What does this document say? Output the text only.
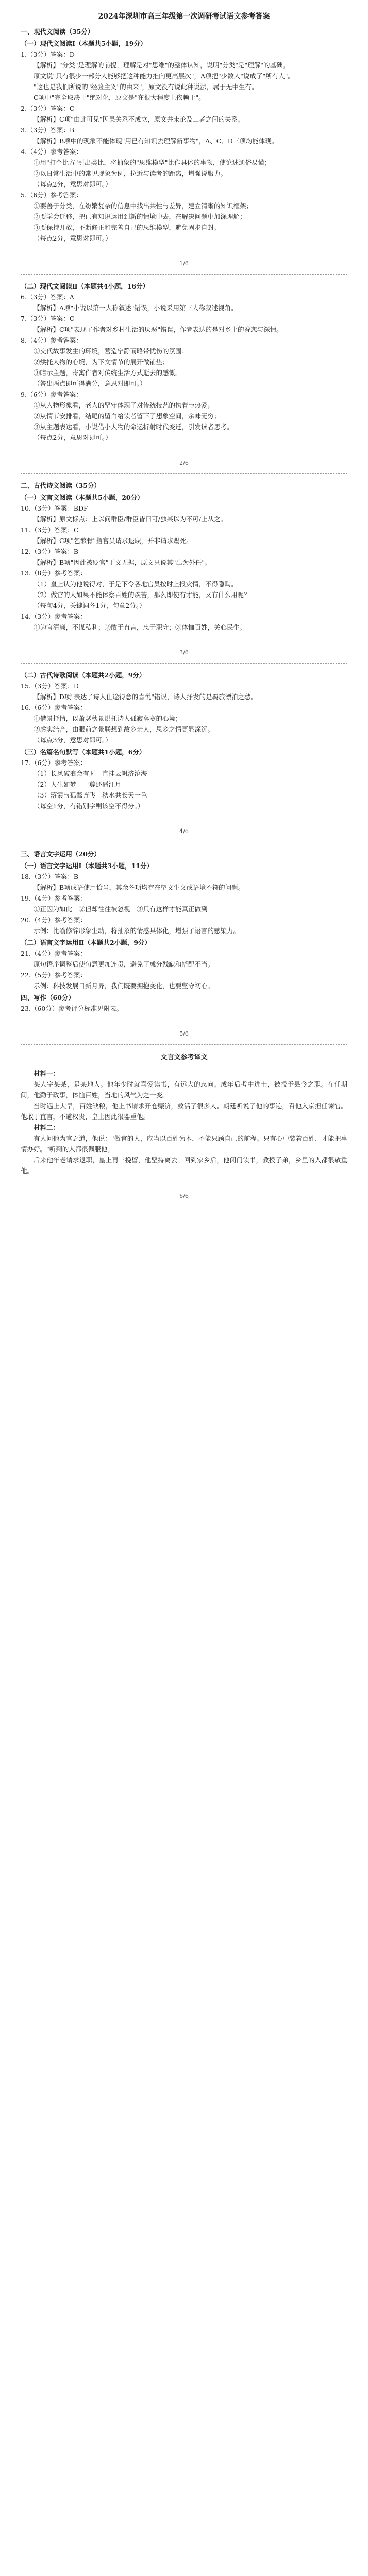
2024年深圳市高三年级第一次调研考试语文参考答案
一、现代文阅读（35分）
（一）现代文阅读Ⅰ（本题共5小题，19分）
1.（3分）答案：D
【解析】"分类"是理解的前提，理解是对"思维"的整体认知，说明"分类"是"理解"的基础。
原文说"只有很少一部分人能够把这种能力推向更高层次"，A项把"少数人"说成了"所有人"。
"这也是我们所说的"经验主义"的由来"，原文没有说此种说法，属于无中生有。
C项中"完全取决于"绝对化，原文是"在很大程度上依赖于"。
2.（3分）答案：C
【解析】C项"由此可见"因果关系不成立，原文并未论及二者之间的关系。
3.（3分）答案：B
【解析】B项中的现象不能体现"用已有知识去理解新事物"，A、C、D三项均能体现。
4.（4分）参考答案：
①用"打个比方"引出类比，将抽象的"思维模型"比作具体的事物，使论述通俗易懂；
②以日常生活中的常见现象为例，拉近与读者的距离，增强说服力。
（每点2分，意思对即可。）
5.（6分）参考答案：
①要善于分类，在纷繁复杂的信息中找出共性与差异，建立清晰的知识框架；
②要学会迁移，把已有知识运用到新的情境中去，在解决问题中加深理解；
③要保持开放，不断修正和完善自己的思维模型，避免固步自封。
（每点2分，意思对即可。）
1/6
（二）现代文阅读Ⅱ（本题共4小题，16分）
6.（3分）答案：A
【解析】A项"小说以第一人称叙述"错误，小说采用第三人称叙述视角。
7.（3分）答案：C
【解析】C项"表现了作者对乡村生活的厌恶"错误，作者表达的是对乡土的眷恋与深情。
8.（4分）参考答案：
①交代故事发生的环境，营造宁静而略带忧伤的氛围；
②烘托人物的心境，为下文情节的展开做铺垫；
③暗示主题，寄寓作者对传统生活方式逝去的感慨。
（答出两点即可得满分，意思对即可。）
9.（6分）参考答案：
①从人物形象看，老人的坚守体现了对传统技艺的执着与热爱；
②从情节安排看，结尾的留白给读者留下了想象空间，余味无穷；
③从主题表达看，小说借小人物的命运折射时代变迁，引发读者思考。
（每点2分，意思对即可。）
2/6
二、古代诗文阅读（35分）
（一）文言文阅读（本题共5小题，20分）
10.（3分）答案：BDF
【解析】原文标点：上以问群臣/群臣皆曰可/独某以为不可/上从之。
11.（3分）答案：C
【解析】C项"乞骸骨"指官员请求退职，并非请求赐死。
12.（3分）答案：B
【解析】B项"因此被贬官"于文无据，原文只说其"出为外任"。
13.（8分）参考答案：
（1）皇上认为他说得对，于是下令各地官员按时上报灾情，不得隐瞒。
（2）做官的人如果不能体察百姓的疾苦，那么即使有才能，又有什么用呢？
（每句4分，关键词各1分，句意2分。）
14.（3分）参考答案：
①为官清廉，不谋私利；②敢于直言，忠于职守；③体恤百姓，关心民生。
3/6
（二）古代诗歌阅读（本题共2小题，9分）
15.（3分）答案：D
【解析】D项"表达了诗人仕途得意的喜悦"错误，诗人抒发的是羁旅漂泊之愁。
16.（6分）参考答案：
①借景抒情，以萧瑟秋景烘托诗人孤寂落寞的心境；
②虚实结合，由眼前之景联想到故乡亲人，思乡之情更显深沉。
（每点3分，意思对即可。）
（三）名篇名句默写（本题共1小题，6分）
17.（6分）参考答案：
（1）长风破浪会有时　直挂云帆济沧海
（2）人生如梦　一尊还酹江月
（3）落霞与孤鹜齐飞　秋水共长天一色
（每空1分，有错别字则该空不得分。）
4/6
三、语言文字运用（20分）
（一）语言文字运用Ⅰ（本题共3小题，11分）
18.（3分）答案：B
【解析】B项成语使用恰当，其余各项均存在望文生义或语境不符的问题。
19.（4分）参考答案：
①正因为如此　②但却往往被忽视　③只有这样才能真正做到
20.（4分）参考答案：
示例：比喻修辞形象生动，将抽象的情感具体化，增强了语言的感染力。
（二）语言文字运用Ⅱ（本题共2小题，9分）
21.（4分）参考答案：
原句语序调整后使句意更加连贯，避免了成分残缺和搭配不当。
22.（5分）参考答案：
示例：科技发展日新月异，我们既要拥抱变化，也要坚守初心。
四、写作（60分）
23.（60分）参考评分标准见附表。
5/6
文言文参考译文
材料一：
某人字某某，是某地人。他年少时就喜爱读书，有远大的志向。成年后考中进士，被授予县令之职。在任期间，他勤于政事，体恤百姓，当地的风气为之一变。
当时遇上大旱，百姓缺粮，他上书请求开仓赈济，救活了很多人。朝廷听说了他的事迹，召他入京担任谏官。他敢于直言，不避权贵，皇上因此很器重他。
材料二：
有人问他为官之道，他说："做官的人，应当以百姓为本，不能只顾自己的前程。只有心中装着百姓，才能把事情办好。"听到的人都很佩服他。
后来他年老请求退职，皇上再三挽留，他坚持离去。回到家乡后，他闭门读书，教授子弟，乡里的人都很敬重他。
6/6
